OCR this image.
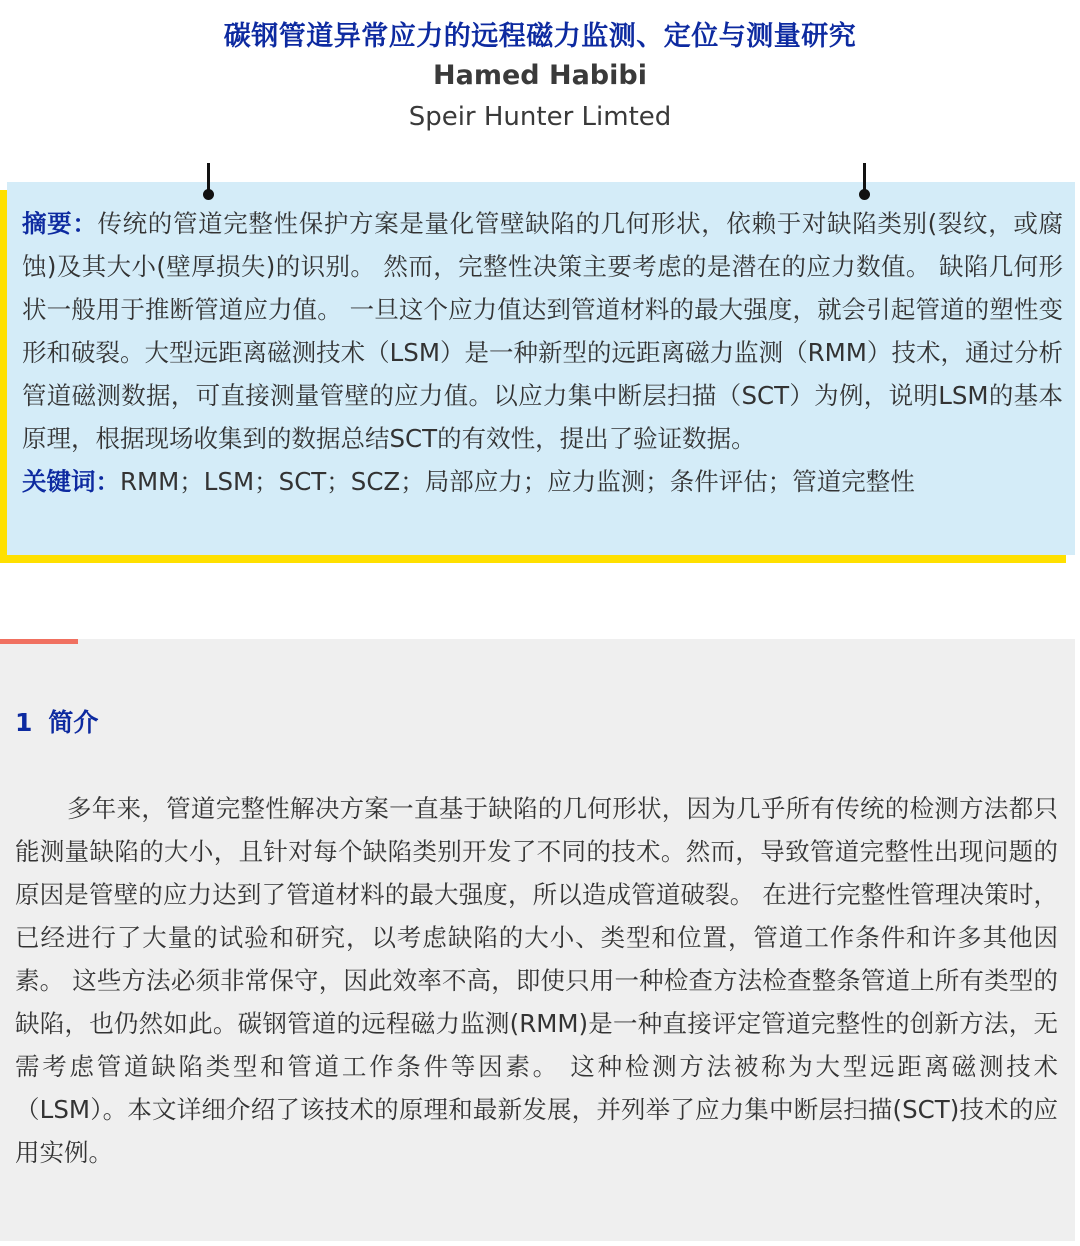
碳钢管道异常应力的远程磁力监测、定位与测量研究
Hamed Habibi
Speir Hunter Limted

摘要：传统的管道完整性保护方案是量化管壁缺陷的几何形状，依赖于对缺陷类别(裂纹，或腐蚀)及其大小(壁厚损失)的识别。 然而，完整性决策主要考虑的是潜在的应力数值。 缺陷几何形状一般用于推断管道应力值。 一旦这个应力值达到管道材料的最大强度，就会引起管道的塑性变形和破裂。大型远距离磁测技术（LSM）是一种新型的远距离磁力监测（RMM）技术，通过分析管道磁测数据，可直接测量管壁的应力值。以应力集中断层扫描（SCT）为例，说明LSM的基本原理，根据现场收集到的数据总结SCT的有效性，提出了验证数据。

关键词：RMM；LSM；SCT；SCZ；局部应力；应力监测；条件评估；管道完整性

1 简介

多年来，管道完整性解决方案一直基于缺陷的几何形状，因为几乎所有传统的检测方法都只能测量缺陷的大小，且针对每个缺陷类别开发了不同的技术。然而，导致管道完整性出现问题的原因是管壁的应力达到了管道材料的最大强度，所以造成管道破裂。 在进行完整性管理决策时，已经进行了大量的试验和研究，以考虑缺陷的大小、类型和位置，管道工作条件和许多其他因素。 这些方法必须非常保守，因此效率不高，即使只用一种检查方法检查整条管道上所有类型的缺陷，也仍然如此。碳钢管道的远程磁力监测(RMM)是一种直接评定管道完整性的创新方法，无需考虑管道缺陷类型和管道工作条件等因素。 这种检测方法被称为大型远距离磁测技术（LSM）。本文详细介绍了该技术的原理和最新发展，并列举了应力集中断层扫描(SCT)技术的应用实例。
